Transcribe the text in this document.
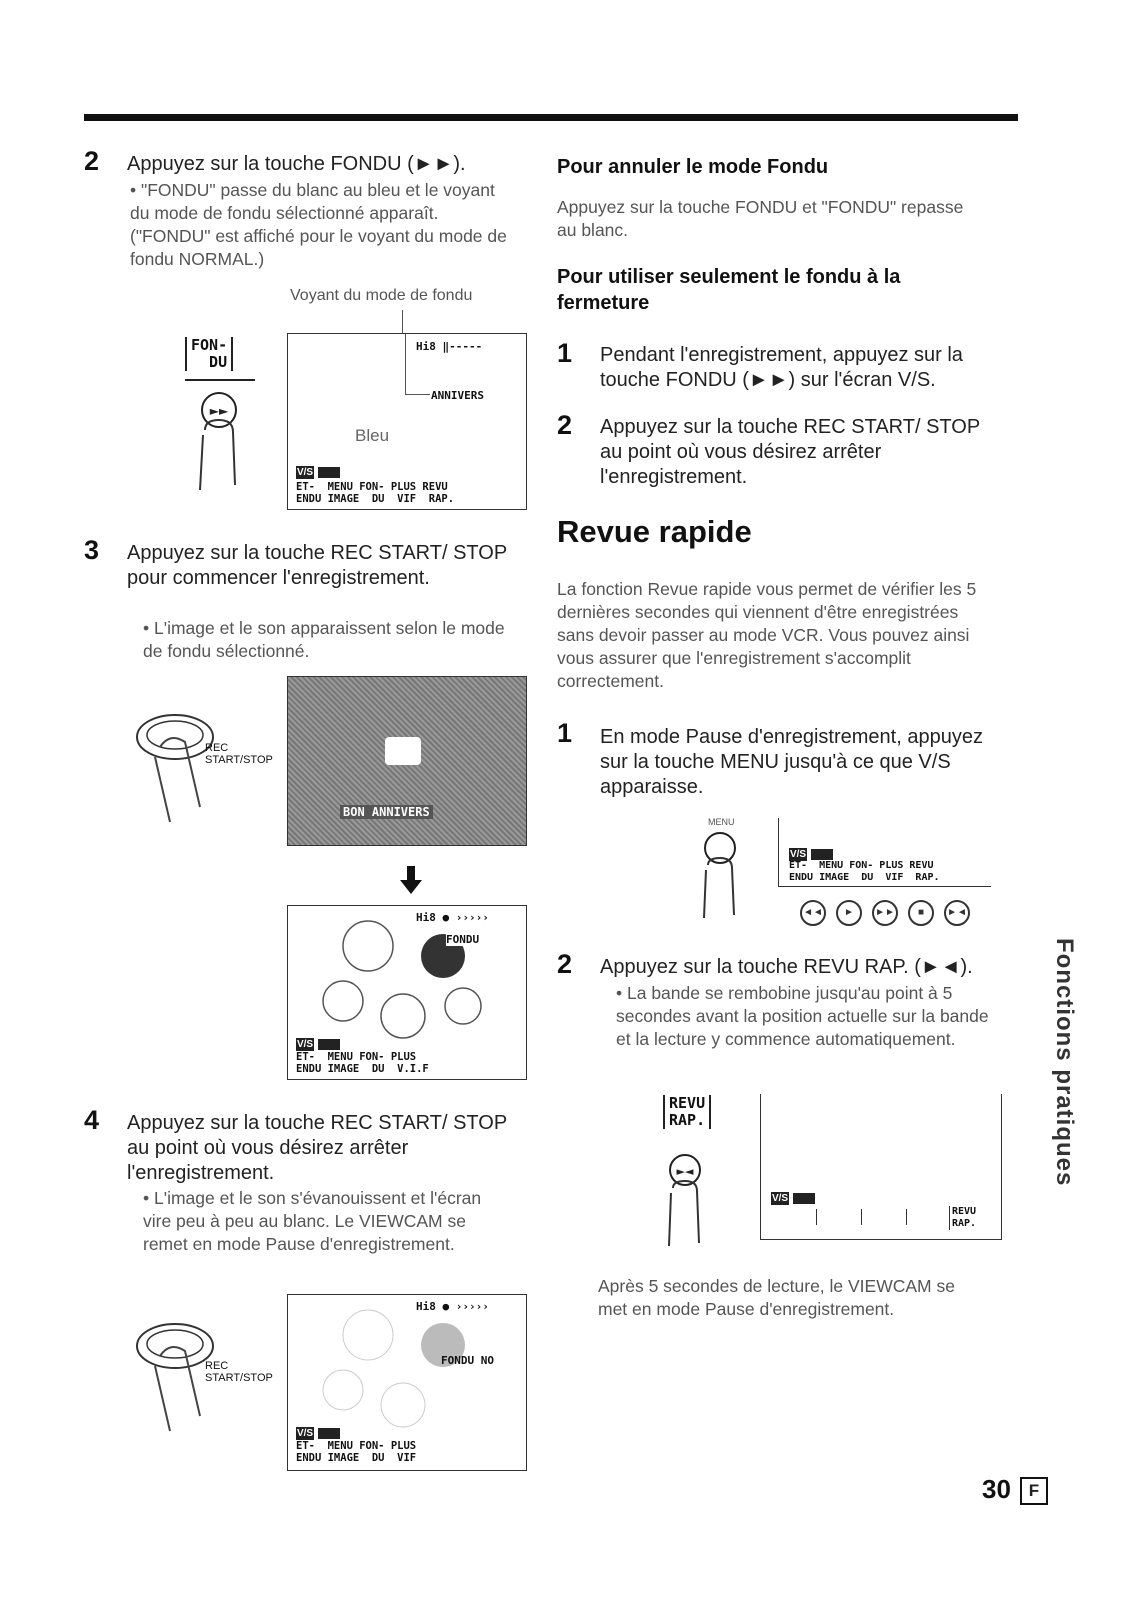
2 Appuyez sur la touche FONDU (►►).
• "FONDU" passe du blanc au bleu et le voyant du mode de fondu sélectionné apparaît. ("FONDU" est affiché pour le voyant du mode de fondu NORMAL.)
Voyant du mode de fondu
FON-
DU
►►
Hi8 ‖-----
ANNIVERS
Bleu
V/S
ET-  MENU FON- PLUS REVU
ENDU IMAGE  DU  VIF  RAP.
3 Appuyez sur la touche REC START/ STOP pour commencer l'enregistrement.
• L'image et le son apparaissent selon le mode de fondu sélectionné.
REC
START/STOP
BON ANNIVERS
Hi8 ● ›››››
FONDU
V/S
ET-  MENU FON- PLUS
ENDU IMAGE  DU  V.I.F
4 Appuyez sur la touche REC START/ STOP au point où vous désirez arrêter l'enregistrement.
• L'image et le son s'évanouissent et l'écran vire peu à peu au blanc. Le VIEWCAM se remet en mode Pause d'enregistrement.
REC
START/STOP
Hi8 ● ›››››
FONDU NO
V/S
ET-  MENU FON- PLUS
ENDU IMAGE  DU  VIF
Pour annuler le mode Fondu
Appuyez sur la touche FONDU et "FONDU" repasse au blanc.
Pour utiliser seulement le fondu à la fermeture
1 Pendant l'enregistrement, appuyez sur la touche FONDU (►►) sur l'écran V/S.
2 Appuyez sur la touche REC START/ STOP au point où vous désirez arrêter l'enregistrement.
Revue rapide
La fonction Revue rapide vous permet de vérifier les 5 dernières secondes qui viennent d'être enregistrées sans devoir passer au mode VCR. Vous pouvez ainsi vous assurer que l'enregistrement s'accomplit correctement.
1 En mode Pause d'enregistrement, appuyez sur la touche MENU jusqu'à ce que V/S apparaisse.
MENU
V/S
ET-  MENU FON- PLUS REVU
ENDU IMAGE  DU  VIF  RAP.
◄◄	►	►►	■	►◄
2 Appuyez sur la touche REVU RAP. (►◄).
• La bande se rembobine jusqu'au point à 5 secondes avant la position actuelle sur la bande et la lecture y commence automatiquement.
REVU
RAP.
►◄
V/S
REVU
RAP.
Après 5 secondes de lecture, le VIEWCAM se met en mode Pause d'enregistrement.
Fonctions pratiques
30	F
